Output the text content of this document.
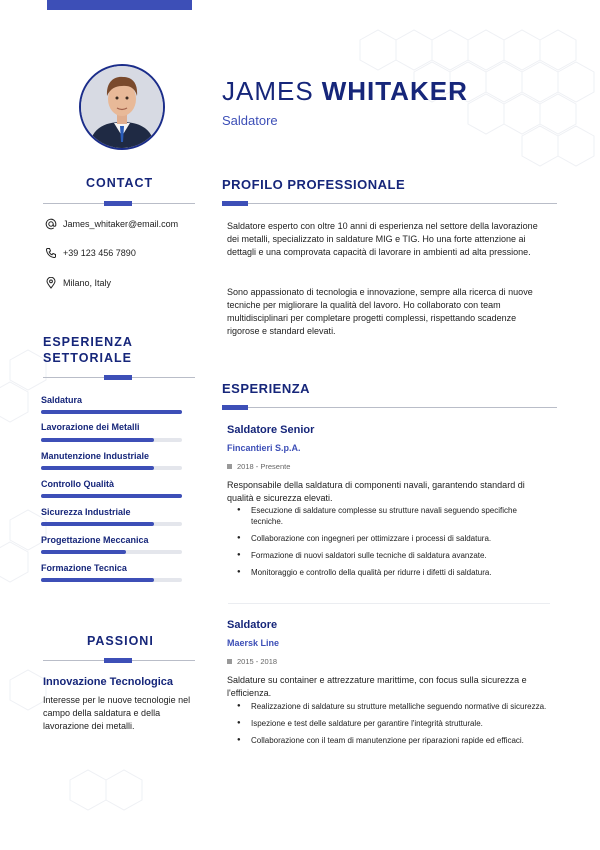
JAMES WHITAKER
Saldatore
CONTACT
James_whitaker@email.com
+39 123 456 7890
Milano, Italy
ESPERIENZA
SETTORIALE
Saldatura
Lavorazione dei Metalli
Manutenzione Industriale
Controllo Qualità
Sicurezza Industriale
Progettazione Meccanica
Formazione Tecnica
PASSIONI
Innovazione Tecnologica
Interesse per le nuove tecnologie nel campo della saldatura e della lavorazione dei metalli.
PROFILO PROFESSIONALE
Saldatore esperto con oltre 10 anni di esperienza nel settore della lavorazione dei metalli, specializzato in saldature MIG e TIG. Ho una forte attenzione ai dettagli e una comprovata capacità di lavorare in ambienti ad alta pressione.
Sono appassionato di tecnologia e innovazione, sempre alla ricerca di nuove tecniche per migliorare la qualità del lavoro. Ho collaborato con team multidisciplinari per completare progetti complessi, rispettando scadenze rigorose e standard elevati.
ESPERIENZA
Saldatore Senior
Fincantieri S.p.A.
2018 - Presente
Responsabile della saldatura di componenti navali, garantendo standard di qualità e sicurezza elevati.
● Esecuzione di saldature complesse su strutture navali seguendo specifiche tecniche.
● Collaborazione con ingegneri per ottimizzare i processi di saldatura.
● Formazione di nuovi saldatori sulle tecniche di saldatura avanzate.
● Monitoraggio e controllo della qualità per ridurre i difetti di saldatura.
Saldatore
Maersk Line
2015 - 2018
Saldature su container e attrezzature marittime, con focus sulla sicurezza e l'efficienza.
● Realizzazione di saldature su strutture metalliche seguendo normative di sicurezza.
● Ispezione e test delle saldature per garantire l'integrità strutturale.
● Collaborazione con il team di manutenzione per riparazioni rapide ed efficaci.
